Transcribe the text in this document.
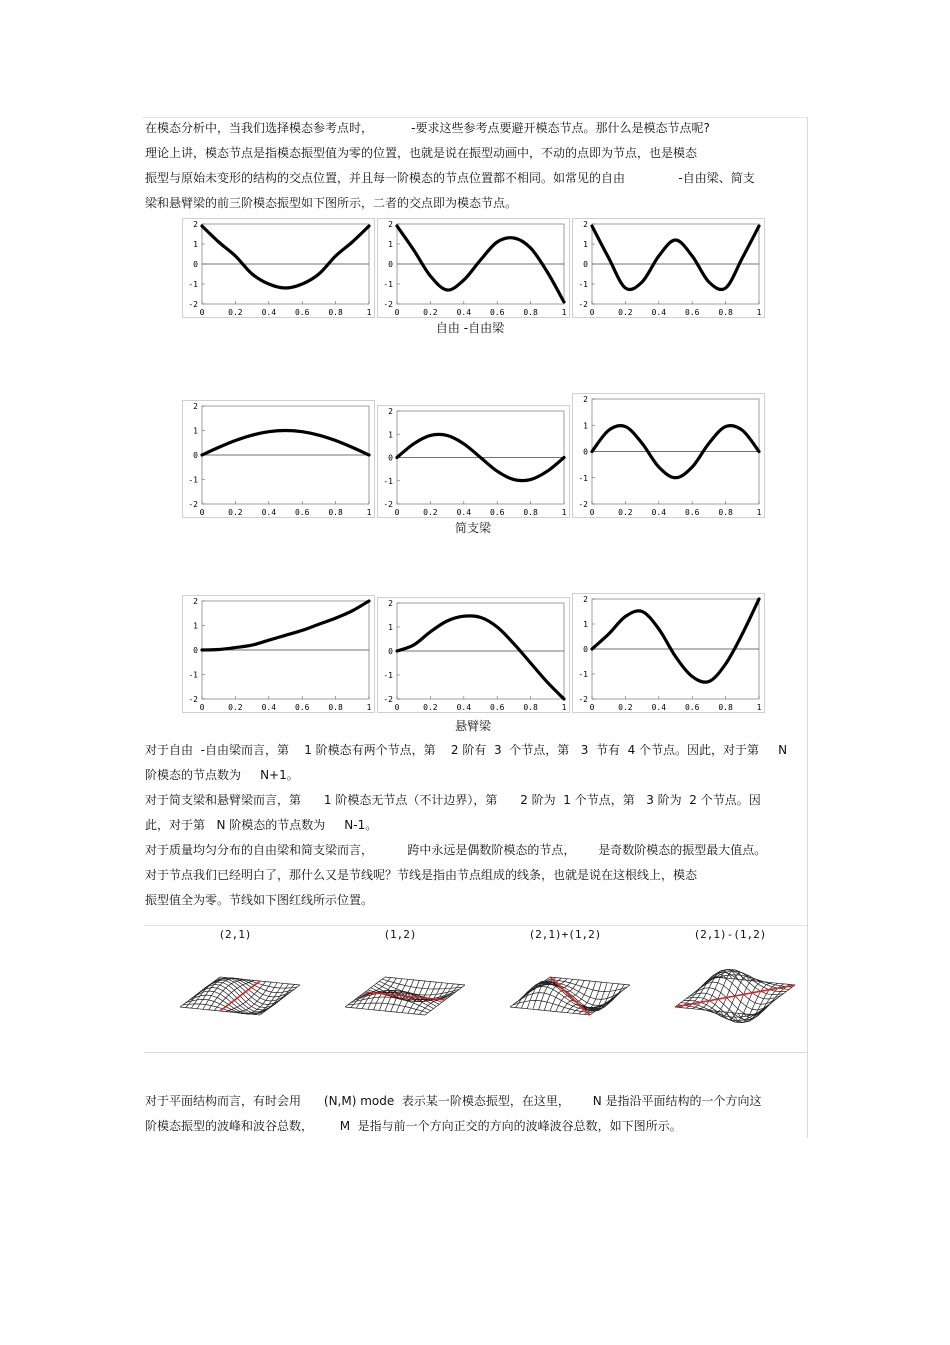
在模态分析中，当我们选择模态参考点时，          -要求这些参考点要避开模态节点。那什么是模态节点呢?
理论上讲，模态节点是指模态振型值为零的位置，也就是说在振型动画中，不动的点即为节点，也是模态
振型与原始未变形的结构的交点位置，并且每一阶模态的节点位置都不相同。如常见的自由              -自由梁、简支
梁和悬臂梁的前三阶模态振型如下图所示，二者的交点即为模态节点。
2
1
0
-1
-2
0	0.2 0.4 0.6 0.8	1
2
1
0
-1
-2
0	0.2 0.4 0.6 0.8	1
2
1
0
-1
-2
0	0.2 0.4 0.6 0.8	1
自由 -自由梁
2
1
0
-1
-2
0	0.2 0.4 0.6 0.8	1
2
1
0
-1
-2
0	0.2 0.4 0.6 0.8	1
2
1
0
-1
-2
0	0.2 0.4 0.6 0.8	1
简支梁
2
1
0
-1
-2
0	0.2 0.4 0.6 0.8	1
2
1
0
-1
-2
0	0.2 0.4 0.6 0.8	1
2
1
0
-1
-2
0	0.2 0.4 0.6 0.8	1
悬臂梁
对于自由  -自由梁而言，第    1 阶模态有两个节点，第    2 阶有  3  个节点，第   3  节有  4 个节点。因此，对于第     N
阶模态的节点数为     N+1。
对于简支梁和悬臂梁而言，第      1 阶模态无节点（不计边界），第      2 阶为  1 个节点，第   3 阶为  2 个节点。因
此，对于第   N 阶模态的节点数为     N-1。
对于质量均匀分布的自由梁和简支梁而言，         跨中永远是偶数阶模态的节点，      是奇数阶模态的振型最大值点。
对于节点我们已经明白了，那什么又是节线呢？节线是指由节点组成的线条，也就是说在这根线上，模态
振型值全为零。节线如下图红线所示位置。
(2,1)	(1,2)	(2,1)+(1,2)	(2,1)-(1,2)
对于平面结构而言，有时会用      (N,M) mode  表示某一阶模态振型，在这里，      N 是指沿平面结构的一个方向这
阶模态振型的波峰和波谷总数，       M  是指与前一个方向正交的方向的波峰波谷总数，如下图所示。
